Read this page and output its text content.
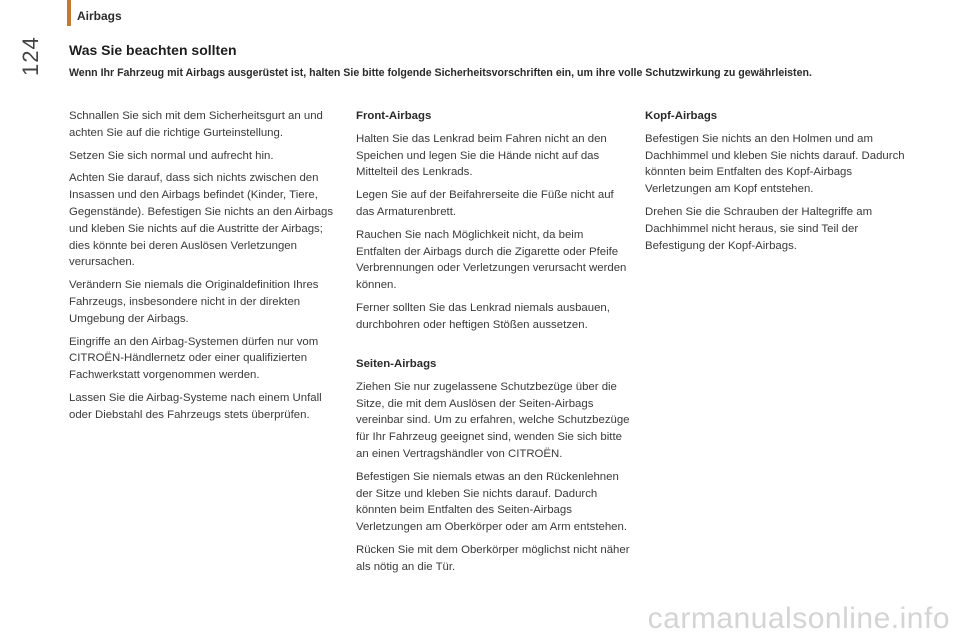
Airbags
124 Was Sie beachten sollten
Wenn Ihr Fahrzeug mit Airbags ausgerüstet ist, halten Sie bitte folgende Sicherheitsvorschriften ein, um ihre volle Schutzwirkung zu gewährleisten.

Schnallen Sie sich mit dem Sicherheitsgurt an und achten Sie auf die richtige Gurteinstellung.

Setzen Sie sich normal und aufrecht hin.

Achten Sie darauf, dass sich nichts zwischen den Insassen und den Airbags befindet (Kinder, Tiere, Gegenstände). Befestigen Sie nichts an den Airbags und kleben Sie nichts auf die Austritte der Airbags; dies könnte bei deren Auslösen Verletzungen verursachen.

Verändern Sie niemals die Originaldefinition Ihres Fahrzeugs, insbesondere nicht in der direkten Umgebung der Airbags.

Eingriffe an den Airbag-Systemen dürfen nur vom CITROËN-Händlernetz oder einer qualifizierten Fachwerkstatt vorgenommen werden.

Lassen Sie die Airbag-Systeme nach einem Unfall oder Diebstahl des Fahrzeugs stets überprüfen.

Front-Airbags

Halten Sie das Lenkrad beim Fahren nicht an den Speichen und legen Sie die Hände nicht auf das Mittelteil des Lenkrads.

Legen Sie auf der Beifahrerseite die Füße nicht auf das Armaturenbrett.

Rauchen Sie nach Möglichkeit nicht, da beim Entfalten der Airbags durch die Zigarette oder Pfeife Verbrennungen oder Verletzungen verursacht werden können.

Ferner sollten Sie das Lenkrad niemals ausbauen, durchbohren oder heftigen Stößen aussetzen.

Seiten-Airbags

Ziehen Sie nur zugelassene Schutzbezüge über die Sitze, die mit dem Auslösen der Seiten-Airbags vereinbar sind. Um zu erfahren, welche Schutzbezüge für Ihr Fahrzeug geeignet sind, wenden Sie sich bitte an einen Vertragshändler von CITROËN.

Befestigen Sie niemals etwas an den Rückenlehnen der Sitze und kleben Sie nichts darauf. Dadurch könnten beim Entfalten des Seiten-Airbags Verletzungen am Oberkörper oder am Arm entstehen.

Rücken Sie mit dem Oberkörper möglichst nicht näher als nötig an die Tür.

Kopf-Airbags

Befestigen Sie nichts an den Holmen und am Dachhimmel und kleben Sie nichts darauf. Dadurch könnten beim Entfalten des Kopf-Airbags Verletzungen am Kopf entstehen.

Drehen Sie die Schrauben der Haltegriffe am Dachhimmel nicht heraus, sie sind Teil der Befestigung der Kopf-Airbags.

carmanualsonline.info
